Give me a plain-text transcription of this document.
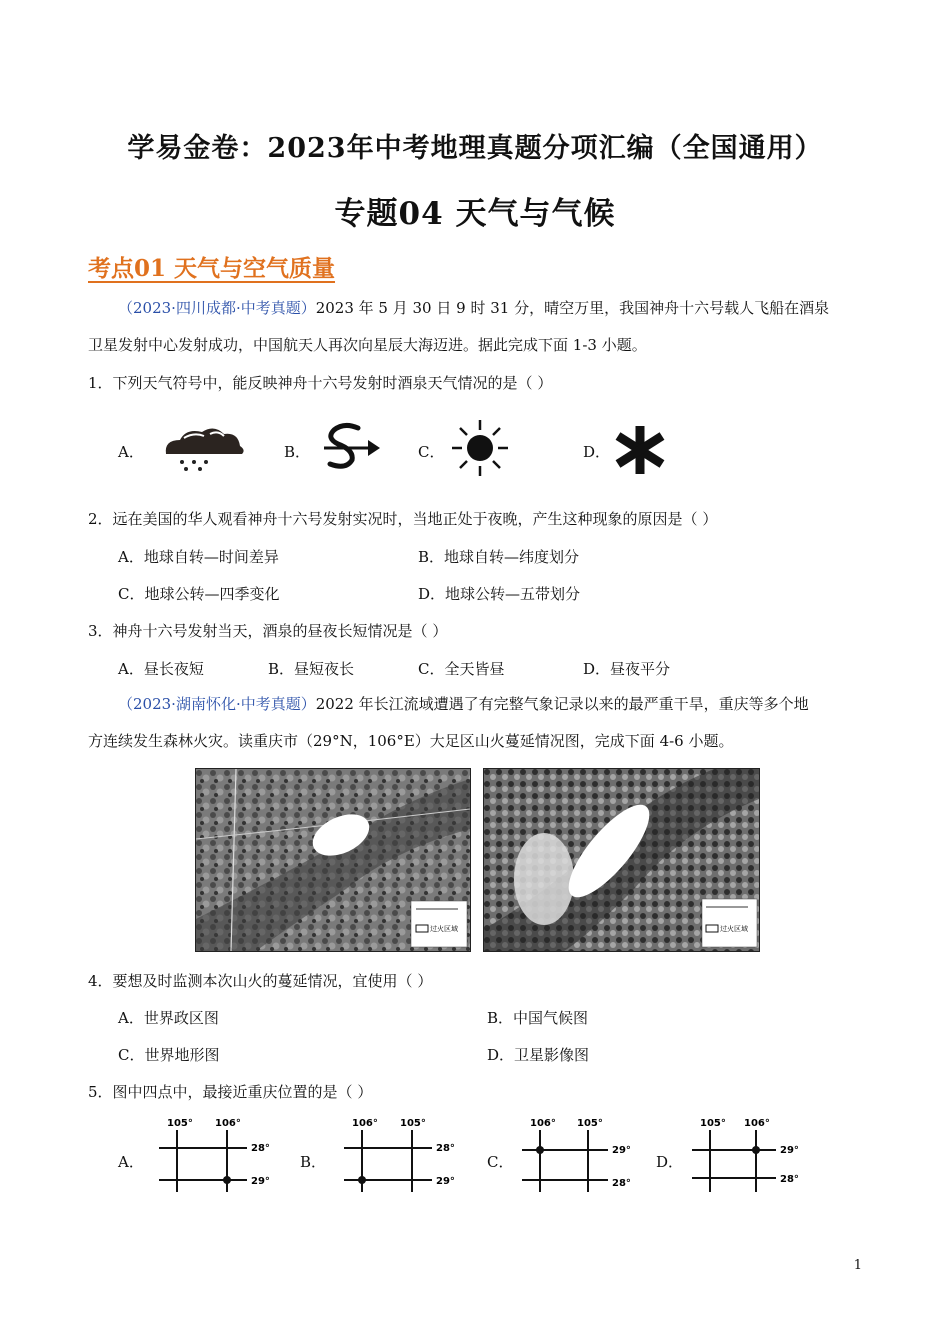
学易金卷：2023年中考地理真题分项汇编（全国通用）
专题04 天气与气候
考点01 天气与空气质量
（2023·四川成都·中考真题）2023 年 5 月 30 日 9 时 31 分，晴空万里，我国神舟十六号载人飞船在酒泉
卫星发射中心发射成功，中国航天人再次向星辰大海迈进。据此完成下面 1-3 小题。
1．下列天气符号中，能反映神舟十六号发射时酒泉天气情况的是（ ）
A．	B．	C．	D．
2．远在美国的华人观看神舟十六号发射实况时，当地正处于夜晚，产生这种现象的原因是（ ）
A．地球自转—时间差异	B．地球自转—纬度划分
C．地球公转—四季变化	D．地球公转—五带划分
3．神舟十六号发射当天，酒泉的昼夜长短情况是（ ）
A．昼长夜短	B．昼短夜长	C．全天皆昼	D．昼夜平分
（2023·湖南怀化·中考真题）2022 年长江流域遭遇了有完整气象记录以来的最严重干旱，重庆等多个地
方连续发生森林火灾。读重庆市（29°N，106°E）大足区山火蔓延情况图，完成下面 4-6 小题。
过火区域	过火区域
4．要想及时监测本次山火的蔓延情况，宜使用（ ）
A．世界政区图	B．中国气候图
C．世界地形图	D．卫星影像图
5．图中四点中，最接近重庆位置的是（ ）
A．
105° 106°
28°
29°
B．
106° 105°
28°
29°
C．
106° 105°
29°
28°
D．
105° 106°
29°
28°
1
